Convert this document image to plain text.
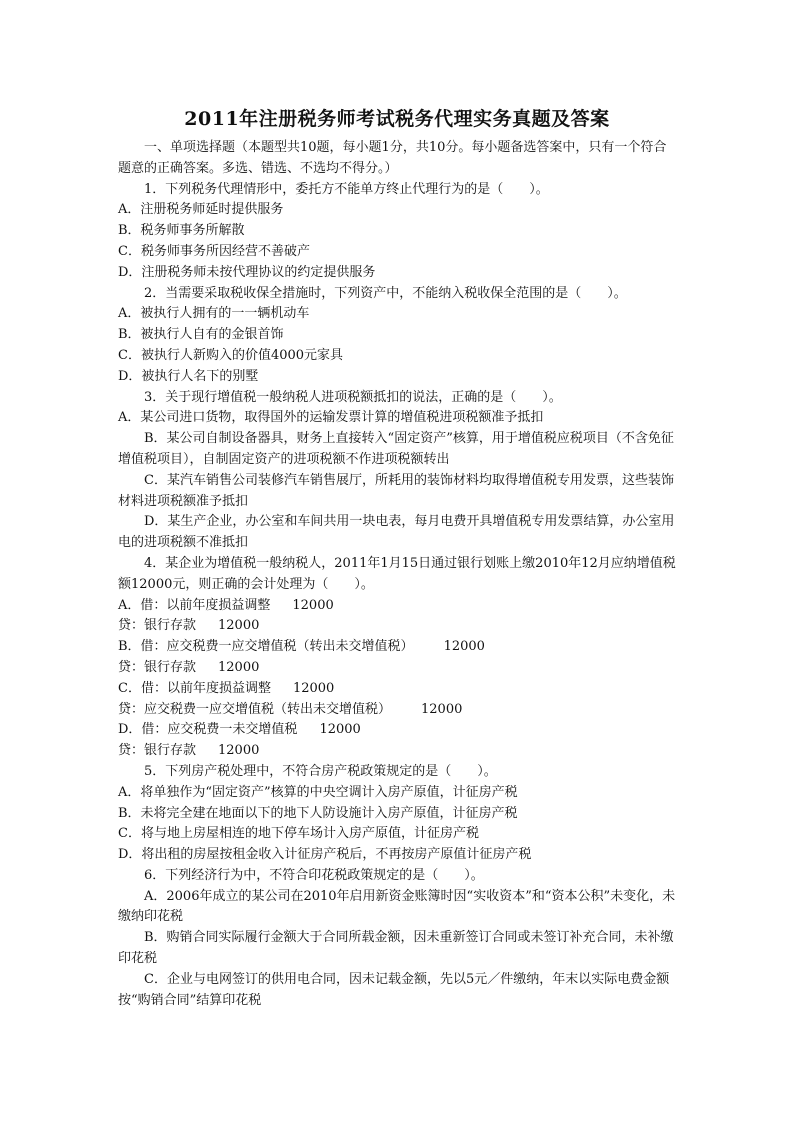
2011年注册税务师考试税务代理实务真题及答案

一、单项选择题（本题型共10题，每小题1分，共10分。每小题备选答案中，只有一个符合题意的正确答案。多选、错选、不选均不得分。）

1．下列税务代理情形中，委托方不能单方终止代理行为的是（　　）。

A．注册税务师延时提供服务

B．税务师事务所解散

C．税务师事务所因经营不善破产

D．注册税务师未按代理协议的约定提供服务

2．当需要采取税收保全措施时，下列资产中，不能纳入税收保全范围的是（　　）。

A．被执行人拥有的一一辆机动车

B．被执行人自有的金银首饰

C．被执行人新购入的价值4000元家具

D．被执行人名下的别墅

3．关于现行增值税一般纳税人进项税额抵扣的说法，正确的是（　　）。

A．某公司进口货物，取得国外的运输发票计算的增值税进项税额准予抵扣

B．某公司自制设备器具，财务上直接转入“固定资产”核算，用于增值税应税项目（不含免征增值税项目），自制固定资产的进项税额不作进项税额转出

C．某汽车销售公司装修汽车销售展厅，所耗用的装饰材料均取得增值税专用发票，这些装饰材料进项税额准予抵扣

D．某生产企业，办公室和车间共用一块电表，每月电费开具增值税专用发票结算，办公室用电的进项税额不准抵扣

4．某企业为增值税一般纳税人，2011年1月15日通过银行划账上缴2010年12月应纳增值税额12000元，则正确的会计处理为（　　）。

A．借：以前年度损益调整 12000

贷：银行存款 12000

B．借：应交税费一应交增值税（转出未交增值税） 12000

贷：银行存款 12000

C．借：以前年度损益调整 12000

贷：应交税费一应交增值税（转出未交增值税） 12000

D．借：应交税费一未交增值税 12000

贷：银行存款 12000

5．下列房产税处理中，不符合房产税政策规定的是（　　）。

A．将单独作为“固定资产”核算的中央空调计入房产原值，计征房产税

B．未将完全建在地面以下的地下人防设施计入房产原值，计征房产税

C．将与地上房屋相连的地下停车场计入房产原值，计征房产税

D．将出租的房屋按租金收入计征房产税后，不再按房产原值计征房产税

6．下列经济行为中，不符合印花税政策规定的是（　　）。

A．2006年成立的某公司在2010年启用新资金账簿时因“实收资本”和“资本公积”未变化，未缴纳印花税

B．购销合同实际履行金额大于合同所载金额，因未重新签订合同或未签订补充合同，未补缴印花税

C．企业与电网签订的供用电合同，因未记载金额，先以5元／件缴纳，年末以实际电费金额按“购销合同”结算印花税
